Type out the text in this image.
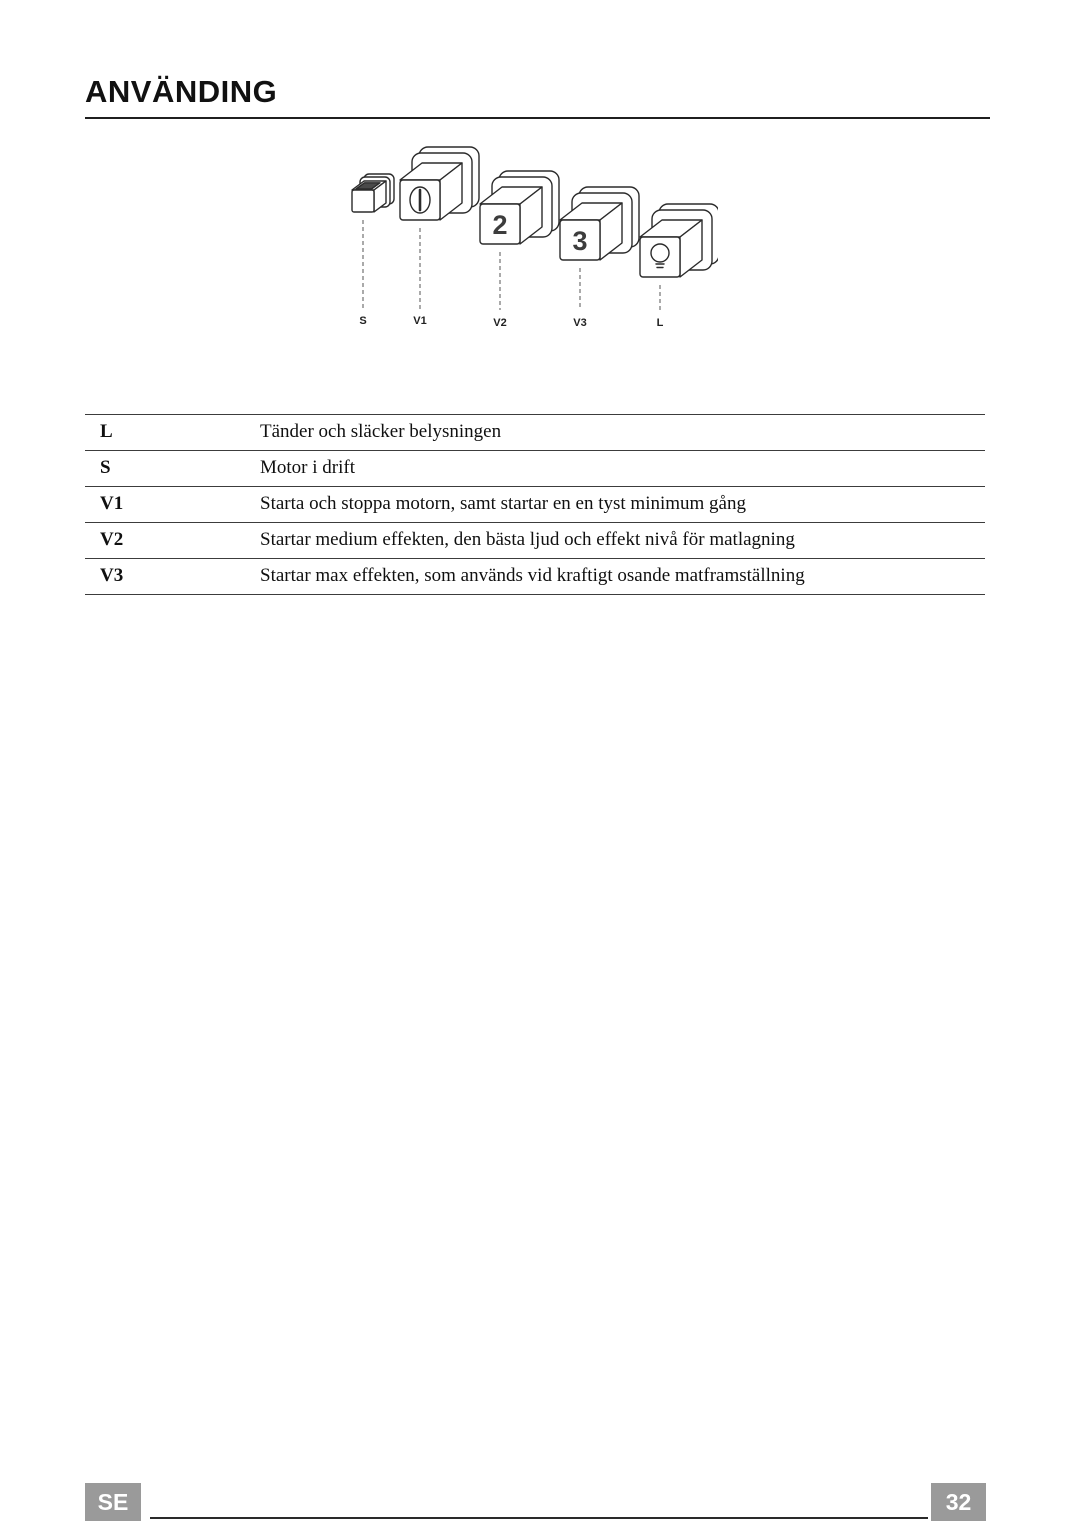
ANVÄNDING
2
3
S	V1	V2	V3	L
L	Tänder och släcker belysningen
S	Motor i drift
V1	Starta och stoppa motorn, samt startar en en tyst minimum gång
V2	Startar medium effekten, den bästa ljud och effekt nivå för matlagning
V3	Startar max effekten, som används vid kraftigt osande matframställning
SE	32
